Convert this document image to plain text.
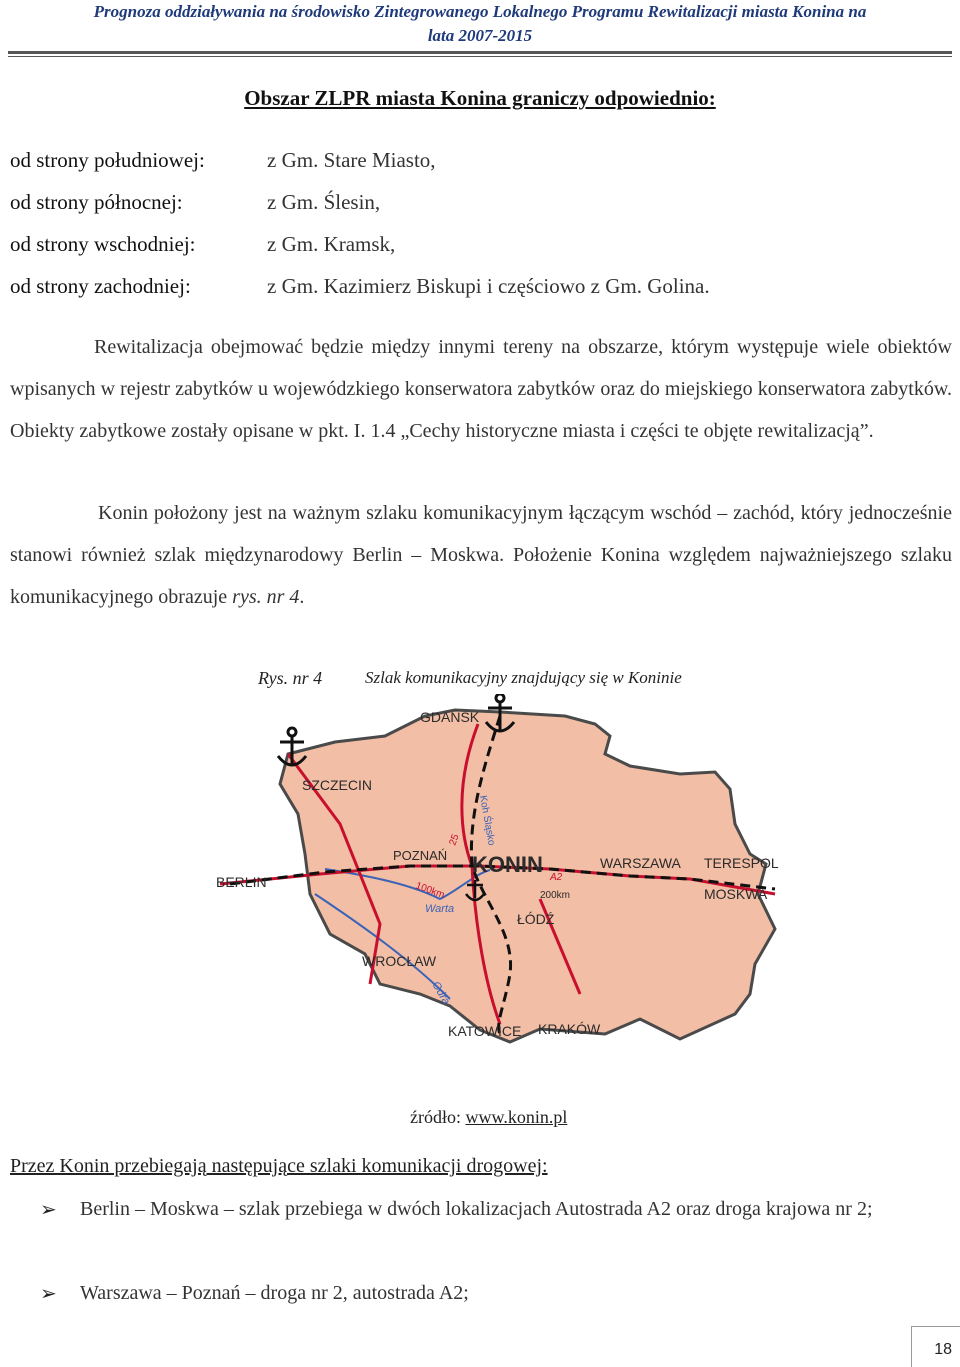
Prognoza oddziaływania na środowisko Zintegrowanego Lokalnego Programu Rewitalizacji miasta Konina na
lata 2007-2015
Obszar ZLPR miasta Konina graniczy odpowiednio:
od strony południowej:	z Gm. Stare Miasto,
od strony północnej:	z Gm. Ślesin,
od strony wschodniej:	z Gm. Kramsk,
od strony zachodniej:	z Gm. Kazimierz Biskupi i częściowo z Gm. Golina.
Rewitalizacja obejmować będzie między innymi tereny na obszarze, którym występuje wiele obiektów wpisanych w rejestr zabytków u wojewódzkiego konserwatora zabytków oraz do miejskiego konserwatora zabytków. Obiekty zabytkowe zostały opisane w pkt. I. 1.4 „Cechy historyczne miasta i części te objęte rewitalizacją”.
Konin położony jest na ważnym szlaku komunikacyjnym łączącym wschód – zachód, który jednocześnie stanowi również szlak międzynarodowy Berlin – Moskwa. Położenie Konina względem najważniejszego szlaku komunikacyjnego obrazuje rys. nr 4.
Rys. nr 4	Szlak komunikacyjny znajdujący się w Koninie
GDAŃSK
SZCZECIN
BERLIN
POZNAŃ KONIN	WARSZAWA TERESPOL
MOSKWA
ŁÓDŹ
WROCŁAW
KATOWICE KRAKÓW
Warta
Odra
100km	200km
A2
25 Koh Śląsko
źródło: www.konin.pl
Przez Konin przebiegają następujące szlaki komunikacji drogowej:
➢ Berlin – Moskwa – szlak przebiega w dwóch lokalizacjach Autostrada A2 oraz droga krajowa nr 2;
➢ Warszawa – Poznań – droga nr 2, autostrada A2;
18
